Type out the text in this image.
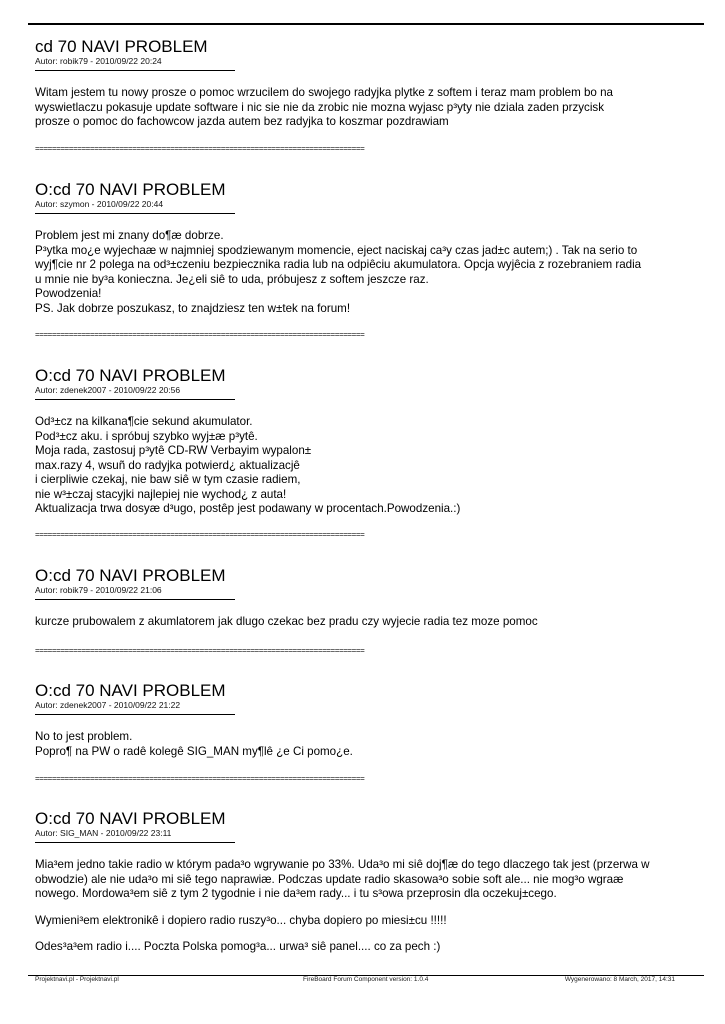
cd 70 NAVI PROBLEM
Autor: robik79 - 2010/09/22 20:24

Witam jestem tu nowy prosze o pomoc wrzucilem do swojego radyjka plytke z softem i teraz mam problem bo na

wyswietlaczu pokasuje update software i nic sie nie da zrobic nie mozna wyjasc p³yty nie dziala zaden przycisk

prosze o pomoc do fachowcow jazda autem bez radyjka to koszmar pozdrawiam

==============================================================================
O:cd 70 NAVI PROBLEM
Autor: szymon - 2010/09/22 20:44

Problem jest mi znany do¶æ dobrze.

P³ytka mo¿e wyjechaæ w najmniej spodziewanym momencie, eject naciskaj ca³y czas jad±c autem;) . Tak na serio to

wyj¶cie nr 2 polega na od³±czeniu bezpiecznika radia lub na odpiêciu akumulatora. Opcja wyjêcia z rozebraniem radia

u mnie nie by³a konieczna. Je¿eli siê to uda, próbujesz z softem jeszcze raz.

Powodzenia!

PS. Jak dobrze poszukasz, to znajdziesz ten w±tek na forum!

==============================================================================
O:cd 70 NAVI PROBLEM
Autor: zdenek2007 - 2010/09/22 20:56

Od³±cz na kilkana¶cie sekund akumulator.

Pod³±cz aku. i spróbuj szybko wyj±æ p³ytê.

Moja rada, zastosuj p³ytê CD-RW Verbayim wypalon±

max.razy 4, wsuñ do radyjka potwierd¿ aktualizacjê

i cierpliwie czekaj, nie baw siê w tym czasie radiem,

nie w³±czaj stacyjki najlepiej nie wychod¿ z auta!

Aktualizacja trwa dosyæ d³ugo, postêp jest podawany w procentach.Powodzenia.:)

==============================================================================
O:cd 70 NAVI PROBLEM
Autor: robik79 - 2010/09/22 21:06

kurcze prubowalem z akumlatorem jak dlugo czekac bez pradu czy wyjecie radia tez moze pomoc

==============================================================================
O:cd 70 NAVI PROBLEM
Autor: zdenek2007 - 2010/09/22 21:22

No to jest problem.

Popro¶ na PW o radê kolegê SIG_MAN my¶lê ¿e Ci pomo¿e.

==============================================================================
O:cd 70 NAVI PROBLEM
Autor: SIG_MAN - 2010/09/22 23:11

Mia³em jedno takie radio w którym pada³o wgrywanie po 33%. Uda³o mi siê doj¶æ do tego dlaczego tak jest (przerwa w

obwodzie) ale nie uda³o mi siê tego naprawiæ. Podczas update radio skasowa³o sobie soft ale... nie mog³o wgraæ

nowego. Mordowa³em siê z tym 2 tygodnie i nie da³em rady... i tu s³owa przeprosin dla oczekuj±cego.

Wymieni³em elektronikê i dopiero radio ruszy³o... chyba dopiero po miesi±cu !!!!!

Odes³a³em radio i.... Poczta Polska pomog³a... urwa³ siê panel.... co za pech :)

Projektnavi.pl - Projektnavi.pl	FireBoard Forum Component version: 1.0.4	Wygenerowano: 8 March, 2017, 14:31
